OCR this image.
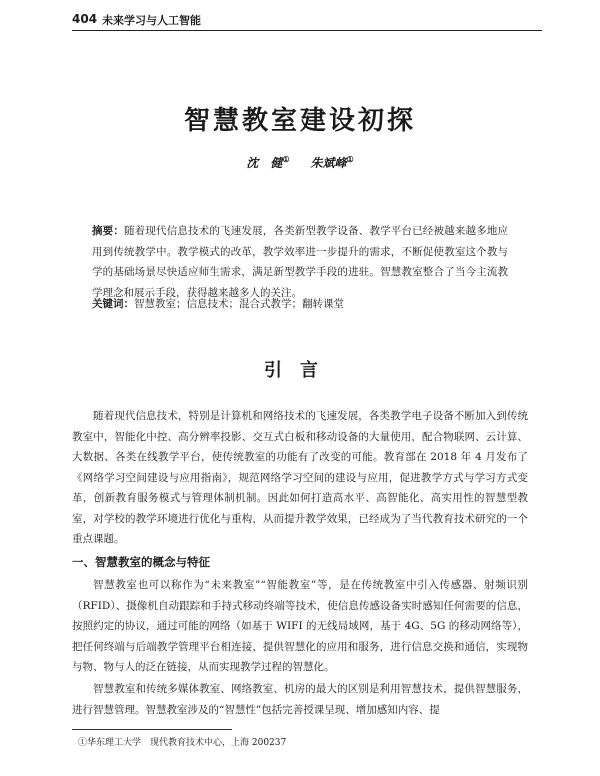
404 未来学习与人工智能
智慧教室建设初探
沈　健① 朱斌峰①
摘要：随着现代信息技术的飞速发展，各类新型教学设备、教学平台已经被越来越多地应用到传统教学中。教学模式的改革，教学效率进一步提升的需求，不断促使教室这个教与学的基础场景尽快适应师生需求，满足新型教学手段的进驻。智慧教室整合了当今主流教学理念和展示手段，获得越来越多人的关注。
关键词：智慧教室；信息技术；混合式教学；翻转课堂
引言
随着现代信息技术，特别是计算机和网络技术的飞速发展，各类教学电子设备不断加入到传统教室中，智能化中控、高分辨率投影、交互式白板和移动设备的大量使用，配合物联网、云计算、大数据、各类在线教学平台，使传统教室的功能有了改变的可能。教育部在 2018 年 4 月发布了《网络学习空间建设与应用指南》，规范网络学习空间的建设与应用，促进教学方式与学习方式变革，创新教育服务模式与管理体制机制。因此如何打造高水平、高智能化、高实用性的智慧型教室，对学校的教学环境进行优化与重构，从而提升教学效果，已经成为了当代教育技术研究的一个重点课题。
一、智慧教室的概念与特征
智慧教室也可以称作为“未来教室”“智能教室”等，是在传统教室中引入传感器、射频识别（RFID）、摄像机自动跟踪和手持式移动终端等技术，使信息传感设备实时感知任何需要的信息，按照约定的协议，通过可能的网络（如基于 WIFI 的无线局域网，基于 4G、5G 的移动网络等），把任何终端与后端教学管理平台相连接，提供智慧化的应用和服务，进行信息交换和通信，实现物与物、物与人的泛在链接，从而实现教学过程的智慧化。
智慧教室和传统多媒体教室、网络教室、机房的最大的区别是利用智慧技术，提供智慧服务，进行智慧管理。智慧教室涉及的“智慧性”包括完善授课呈现、增加感知内容、提
①华东理工大学　现代教育技术中心，上海 200237
